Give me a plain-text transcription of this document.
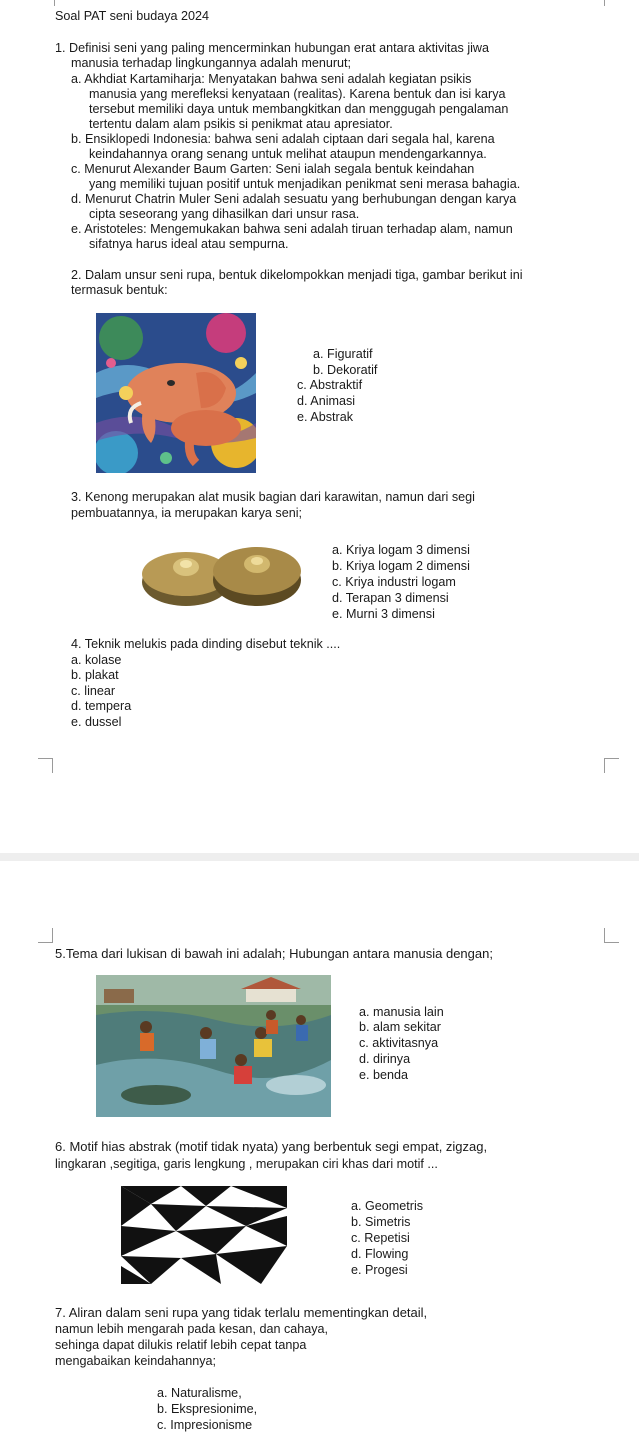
Soal PAT seni budaya 2024
1. Definisi seni yang paling mencerminkan hubungan erat antara aktivitas jiwa
manusia terhadap lingkungannya adalah menurut;
a. Akhdiat Kartamiharja: Menyatakan bahwa seni adalah kegiatan psikis
manusia yang merefleksi kenyataan (realitas). Karena bentuk dan isi karya
tersebut memiliki daya untuk membangkitkan dan menggugah pengalaman
tertentu dalam alam psikis si penikmat atau apresiator.
b. Ensiklopedi Indonesia: bahwa seni adalah ciptaan dari segala hal, karena
keindahannya orang senang untuk melihat ataupun mendengarkannya.
c. Menurut Alexander Baum Garten: Seni ialah segala bentuk keindahan
yang memiliki tujuan positif untuk menjadikan penikmat seni merasa bahagia.
d. Menurut Chatrin Muler Seni adalah sesuatu yang berhubungan dengan karya
cipta seseorang yang dihasilkan dari unsur rasa.
e. Aristoteles: Mengemukakan bahwa seni adalah tiruan terhadap alam, namun
sifatnya harus ideal atau sempurna.
2. Dalam unsur seni rupa, bentuk dikelompokkan menjadi tiga, gambar berikut ini
termasuk bentuk:
a. Figuratif
b. Dekoratif
c. Abstraktif
d. Animasi
e. Abstrak
3. Kenong merupakan alat musik bagian dari karawitan, namun dari segi
pembuatannya, ia merupakan karya seni;
a. Kriya logam 3 dimensi
b. Kriya logam 2 dimensi
c. Kriya industri logam
d. Terapan 3 dimensi
e. Murni 3 dimensi
4. Teknik melukis pada dinding disebut teknik ....
a. kolase
b. plakat
c. linear
d. tempera
e. dussel
5.Tema dari lukisan di bawah ini adalah; Hubungan antara manusia dengan;
a. manusia lain
b. alam sekitar
c. aktivitasnya
d. dirinya
e. benda
6. Motif hias abstrak (motif tidak nyata) yang berbentuk segi empat, zigzag,
lingkaran ,segitiga, garis lengkung , merupakan ciri khas dari motif ...
a. Geometris
b. Simetris
c. Repetisi
d. Flowing
e. Progesi
7. Aliran dalam seni rupa yang tidak terlalu mementingkan detail,
namun lebih mengarah pada kesan, dan cahaya,
sehinga dapat dilukis relatif lebih cepat tanpa
mengabaikan keindahannya;
a. Naturalisme,
b. Ekspresionime,
c. Impresionisme
